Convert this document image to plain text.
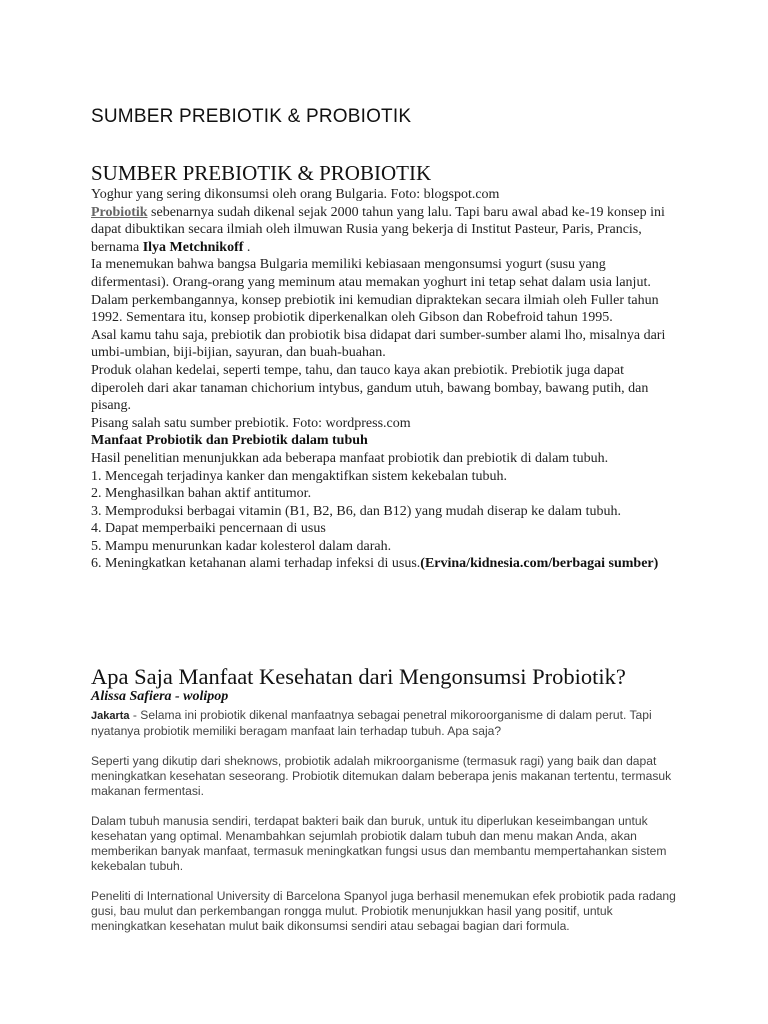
SUMBER PREBIOTIK & PROBIOTIK
SUMBER PREBIOTIK & PROBIOTIK

Yoghur yang sering dikonsumsi oleh orang Bulgaria. Foto: blogspot.com

Probiotik sebenarnya sudah dikenal sejak 2000 tahun yang lalu. Tapi baru awal abad ke-19 konsep ini dapat dibuktikan secara ilmiah oleh ilmuwan Rusia yang bekerja di Institut Pasteur, Paris, Prancis, bernama Ilya Metchnikoff .

Ia menemukan bahwa bangsa Bulgaria memiliki kebiasaan mengonsumsi yogurt (susu yang difermentasi). Orang-orang yang meminum atau memakan yoghurt ini tetap sehat dalam usia lanjut.

Dalam perkembangannya, konsep prebiotik ini kemudian dipraktekan secara ilmiah oleh Fuller tahun 1992. Sementara itu, konsep probiotik diperkenalkan oleh Gibson dan Robefroid tahun 1995.

Asal kamu tahu saja, prebiotik dan probiotik bisa didapat dari sumber-sumber alami lho, misalnya dari umbi-umbian, biji-bijian, sayuran, dan buah-buahan.

Produk olahan kedelai, seperti tempe, tahu, dan tauco kaya akan prebiotik. Prebiotik juga dapat diperoleh dari akar tanaman chichorium intybus, gandum utuh, bawang bombay, bawang putih, dan pisang.

Pisang salah satu sumber prebiotik. Foto: wordpress.com

Manfaat Probiotik dan Prebiotik dalam tubuh

Hasil penelitian menunjukkan ada beberapa manfaat probiotik dan prebiotik di dalam tubuh.

1. Mencegah terjadinya kanker dan mengaktifkan sistem kekebalan tubuh.

2. Menghasilkan bahan aktif antitumor.

3. Memproduksi berbagai vitamin (B1, B2, B6, dan B12) yang mudah diserap ke dalam tubuh.

4. Dapat memperbaiki pencernaan di usus

5. Mampu menurunkan kadar kolesterol dalam darah.

6. Meningkatkan ketahanan alami terhadap infeksi di usus.(Ervina/kidnesia.com/berbagai sumber)

Apa Saja Manfaat Kesehatan dari Mengonsumsi Probiotik?

Alissa Safiera - wolipop

Jakarta - Selama ini probiotik dikenal manfaatnya sebagai penetral mikoroorganisme di dalam perut. Tapi nyatanya probiotik memiliki beragam manfaat lain terhadap tubuh. Apa saja?

Seperti yang dikutip dari sheknows, probiotik adalah mikroorganisme (termasuk ragi) yang baik dan dapat meningkatkan kesehatan seseorang. Probiotik ditemukan dalam beberapa jenis makanan tertentu, termasuk makanan fermentasi.

Dalam tubuh manusia sendiri, terdapat bakteri baik dan buruk, untuk itu diperlukan keseimbangan untuk kesehatan yang optimal. Menambahkan sejumlah probiotik dalam tubuh dan menu makan Anda, akan memberikan banyak manfaat, termasuk meningkatkan fungsi usus dan membantu mempertahankan sistem kekebalan tubuh.

Peneliti di International University di Barcelona Spanyol juga berhasil menemukan efek probiotik pada radang gusi, bau mulut dan perkembangan rongga mulut. Probiotik menunjukkan hasil yang positif, untuk meningkatkan kesehatan mulut baik dikonsumsi sendiri atau sebagai bagian dari formula.
